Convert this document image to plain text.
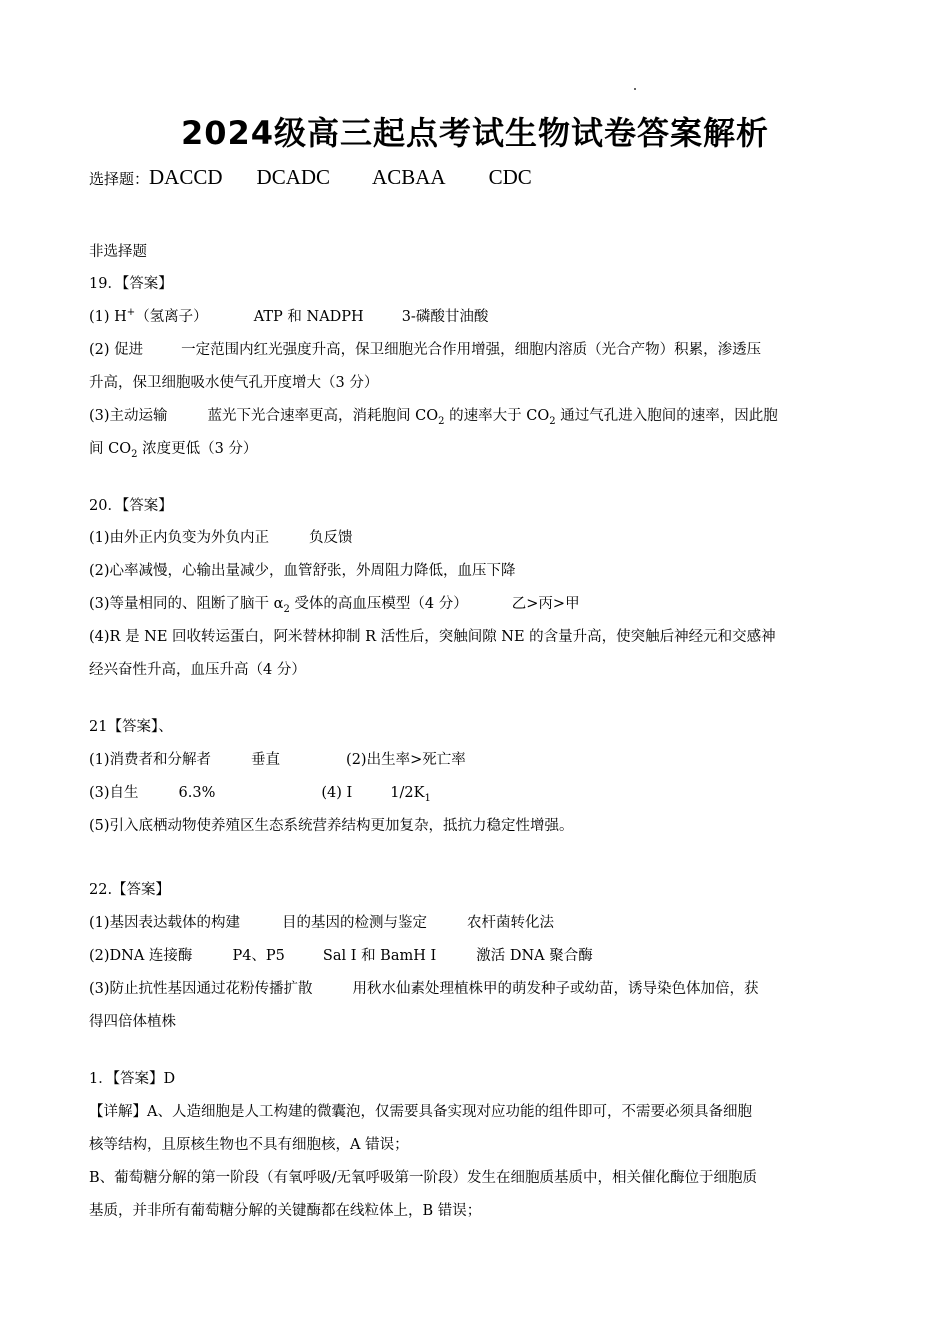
2024级高三起点考试生物试卷答案解析
选择题：DACCD DCADC ACBAA CDC
非选择题
19．【答案】
(1) H+（氢离子）	ATP 和 NADPH	3-磷酸甘油酸
(2) 促进	一定范围内红光强度升高，保卫细胞光合作用增强，细胞内溶质（光合产物）积累，渗透压
升高，保卫细胞吸水使气孔开度增大（3 分）
(3)主动运输	蓝光下光合速率更高，消耗胞间 $CO_2$ 的速率大于 $CO_2$ 通过气孔进入胞间的速率，因此胞
间 $CO_2$ 浓度更低（3 分）
20．【答案】
(1)由外正内负变为外负内正	负反馈
(2)心率减慢，心输出量减少，血管舒张，外周阻力降低，血压下降
(3)等量相同的、阻断了脑干 $\alpha_2$ 受体的高血压模型（4 分）	乙>丙>甲
(4)R 是 NE 回收转运蛋白，阿米替林抑制 R 活性后，突触间隙 NE 的含量升高，使突触后神经元和交感神
经兴奋性升高，血压升高（4 分）
21【答案】、
(1)消费者和分解者	垂直	(2)出生率>死亡率
(3)自生	6.3%	(4) Ⅰ	$1/2K_1$
(5)引入底栖动物使养殖区生态系统营养结构更加复杂，抵抗力稳定性增强。
22.【答案】
(1)基因表达载体的构建	目的基因的检测与鉴定	农杆菌转化法
(2)DNA 连接酶	P4、P5	Sal I 和 BamH I	激活 DNA 聚合酶
(3)防止抗性基因通过花粉传播扩散	用秋水仙素处理植株甲的萌发种子或幼苗，诱导染色体加倍，获
得四倍体植株
1．【答案】D
【详解】A、人造细胞是人工构建的微囊泡，仅需要具备实现对应功能的组件即可，不需要必须具备细胞
核等结构，且原核生物也不具有细胞核，A 错误；
B、葡萄糖分解的第一阶段（有氧呼吸/无氧呼吸第一阶段）发生在细胞质基质中，相关催化酶位于细胞质
基质，并非所有葡萄糖分解的关键酶都在线粒体上，B 错误；
